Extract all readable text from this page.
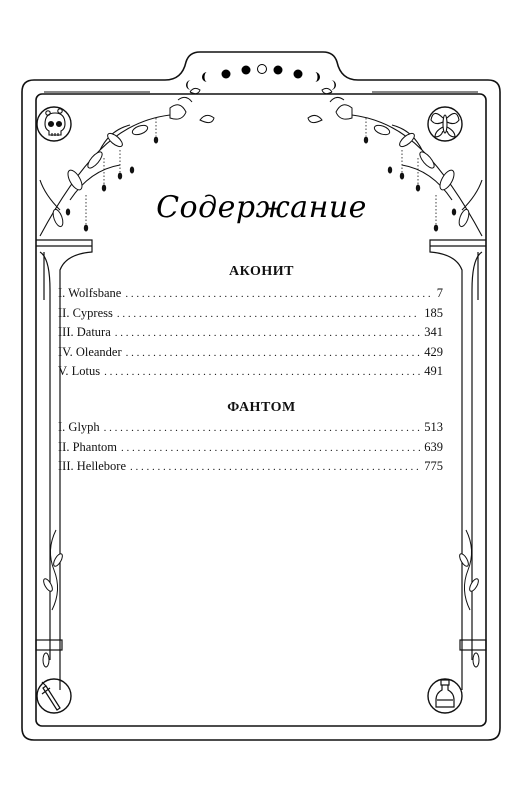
Содержание
АКОНИТ
I. Wolfsbane . . .	7
II. Cypress . . .	185
III. Datura . . .	341
IV. Oleander . . .	429
V. Lotus . . .	491
ФАНТОМ
I. Glyph . . .	513
II. Phantom . . .	639
III. Hellebore . . .	775
